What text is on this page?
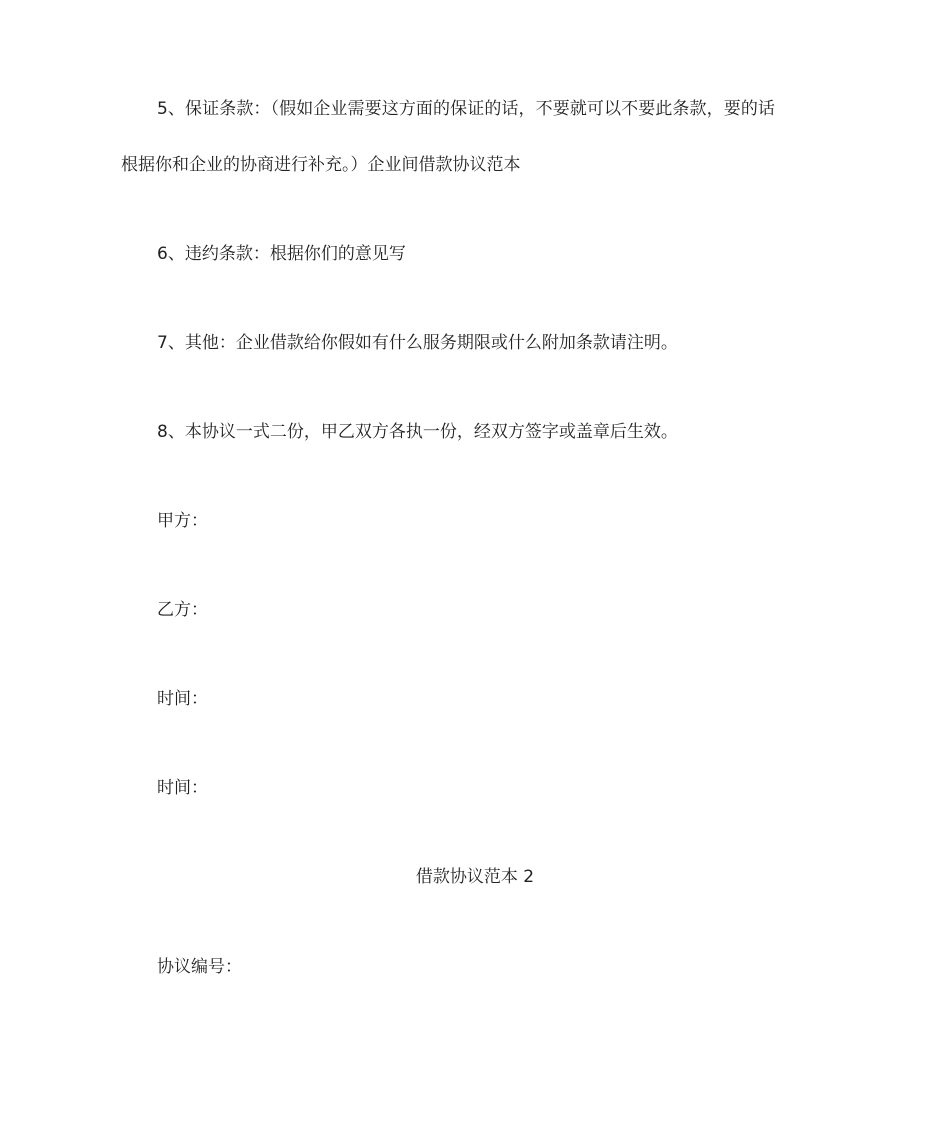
5、保证条款：（假如企业需要这方面的保证的话，不要就可以不要此条款，要的话
根据你和企业的协商进行补充。）企业间借款协议范本
6、违约条款：根据你们的意见写
7、其他：企业借款给你假如有什么服务期限或什么附加条款请注明。
8、本协议一式二份，甲乙双方各执一份，经双方签字或盖章后生效。
甲方：
乙方：
时间：
时间：
借款协议范本 2
协议编号：
